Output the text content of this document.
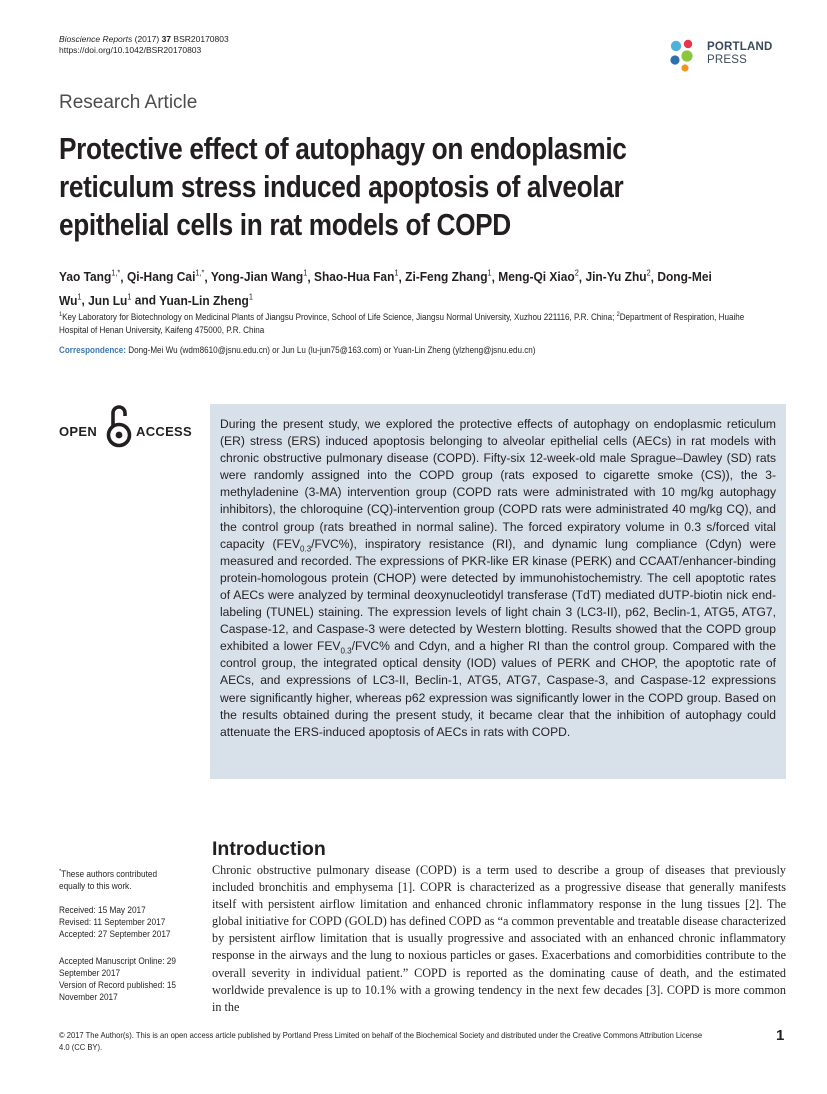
Bioscience Reports (2017) 37 BSR20170803
https://doi.org/10.1042/BSR20170803	PORTLAND
PRESS
Research Article
Protective effect of autophagy on endoplasmic reticulum stress induced apoptosis of alveolar epithelial cells in rat models of COPD
Yao Tang$^{1,*}$, Qi-Hang Cai$^{1,*}$, Yong-Jian Wang$^1$, Shao-Hua Fan$^1$, Zi-Feng Zhang$^1$, Meng-Qi Xiao$^2$, Jin-Yu Zhu$^2$, Dong-Mei Wu$^1$, Jun Lu$^1$ and Yuan-Lin Zheng$^1$
$^1$Key Laboratory for Biotechnology on Medicinal Plants of Jiangsu Province, School of Life Science, Jiangsu Normal University, Xuzhou 221116, P.R. China; $^2$Department of Respiration, Huaihe Hospital of Henan University, Kaifeng 475000, P.R. China
Correspondence: Dong-Mei Wu (wdm8610@jsnu.edu.cn) or Jun Lu (lu-jun75@163.com) or Yuan-Lin Zheng (ylzheng@jsnu.edu.cn)
OPEN	ACCESS During the present study, we explored the protective effects of autophagy on endoplasmic reticulum (ER) stress (ERS) induced apoptosis belonging to alveolar epithelial cells (AECs) in rat models with chronic obstructive pulmonary disease (COPD). Fifty-six 12-week-old male Sprague–Dawley (SD) rats were randomly assigned into the COPD group (rats exposed to cigarette smoke (CS)), the 3-methyladenine (3-MA) intervention group (COPD rats were administrated with 10 mg/kg autophagy inhibitors), the chloroquine (CQ)-intervention group (COPD rats were administrated 40 mg/kg CQ), and the control group (rats breathed in normal saline). The forced expiratory volume in 0.3 s/forced vital capacity $(FEV_{0.3}/FVC\%)$, inspiratory resistance (RI), and dynamic lung compliance (Cdyn) were measured and recorded. The expressions of PKR-like ER kinase (PERK) and CCAAT/enhancer-binding protein-homologous protein (CHOP) were detected by immunohistochemistry. The cell apoptotic rates of AECs were analyzed by terminal deoxynucleotidyl transferase (TdT) mediated dUTP-biotin nick end-labeling (TUNEL) staining. The expression levels of light chain 3 (LC3-II), p62, Beclin-1, ATG5, ATG7, Caspase-12, and Caspase-3 were detected by Western blotting. Results showed that the COPD group exhibited a lower $FEV_{0.3}/FVC\%$ and Cdyn, and a higher RI than the control group. Compared with the control group, the integrated optical density (IOD) values of PERK and CHOP, the apoptotic rate of AECs, and expressions of LC3-II, Beclin-1, ATG5, ATG7, Caspase-3, and Caspase-12 expressions were significantly higher, whereas p62 expression was significantly lower in the COPD group. Based on the results obtained during the present study, it became clear that the inhibition of autophagy could attenuate the ERS-induced apoptosis of AECs in rats with COPD.

*These authors contributed equally to this work.
Received: 15 May 2017
Revised: 11 September 2017
Accepted: 27 September 2017
Accepted Manuscript Online: 29 September 2017
Version of Record published: 15 November 2017
Introduction

Chronic obstructive pulmonary disease (COPD) is a term used to describe a group of diseases that previously included bronchitis and emphysema [1]. COPR is characterized as a progressive disease that generally manifests itself with persistent airflow limitation and enhanced chronic inflammatory response in the lung tissues [2]. The global initiative for COPD (GOLD) has defined COPD as “a common preventable and treatable disease characterized by persistent airflow limitation that is usually progressive and associated with an enhanced chronic inflammatory response in the airways and the lung to noxious particles or gases. Exacerbations and comorbidities contribute to the overall severity in individual patient.” COPD is reported as the dominating cause of death, and the estimated worldwide prevalence is up to 10.1% with a growing tendency in the next few decades [3]. COPD is more common in the

© 2017 The Author(s). This is an open access article published by Portland Press Limited on behalf of the Biochemical Society and distributed under the Creative Commons Attribution License 4.0 (CC BY).
1
